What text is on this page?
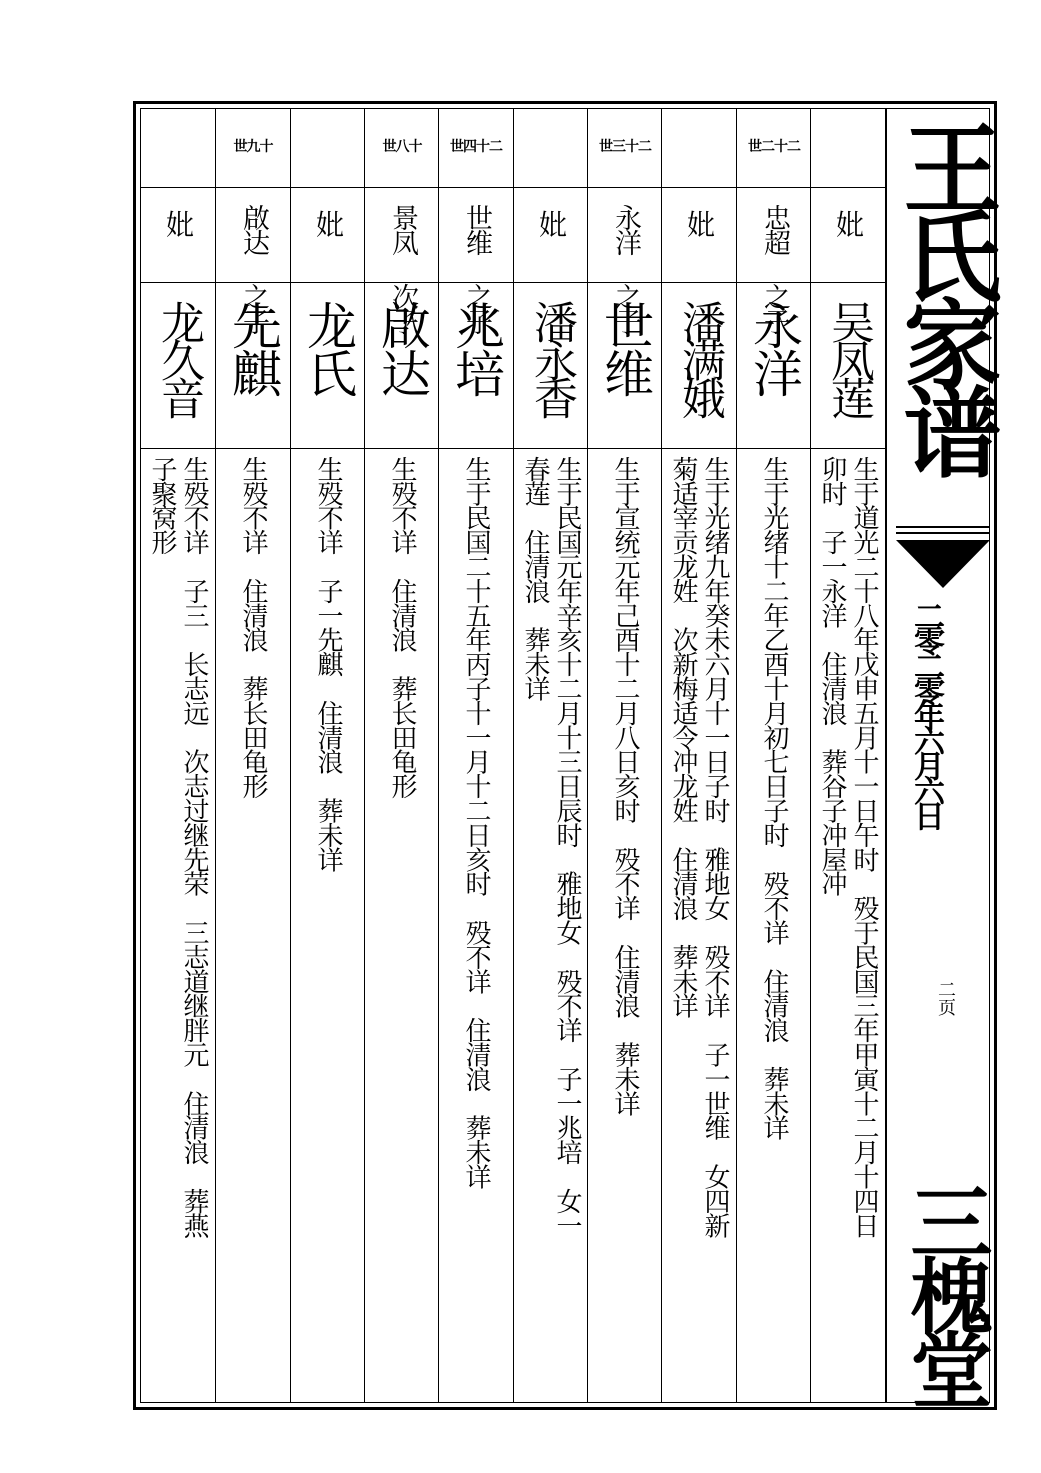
妣
吴凤莲
生于道光二十八年戊申五月十一日午时　殁于民国三年甲寅十二月十四日
卯时　子一永洋　住清浪　葬谷子冲屋冲
世二十二
忠超 之子
永洋
生于光绪十二年乙酉十月初七日子时　殁不详　住清浪　葬未详
妣
潘满娥
生于光绪九年癸未六月十一日子时　雅地女　殁不详　子一世维　女四新
菊适宰贡龙姓　次新梅适令冲龙姓　住清浪　葬未详
世三十二
永洋 之子
世维
生于宣统元年己酉十二月八日亥时　殁不详　住清浪　葬未详
妣
潘永香
生于民国元年辛亥十二月十三日辰时　雅地女　殁不详　子一兆培　女一
春莲　住清浪　葬未详
世四十二
世维 之子
兆培
生于民国二十五年丙子十一月十二日亥时　殁不详　住清浪　葬未详
世八十
景凤 次子
啟达
生殁不详　住清浪　葬长田龟形
妣
龙氏
生殁不详　子一先麒　住清浪　葬未详
世九十
啟达 之子
先麒
生殁不详　住清浪　葬长田龟形
妣
龙久音
生殁不详　子三　长志远　次志过继先荣　三志道继胖元　住清浪　葬燕
子聚窝形
王氏家谱
二零二零年六月六日
二页
三槐堂
